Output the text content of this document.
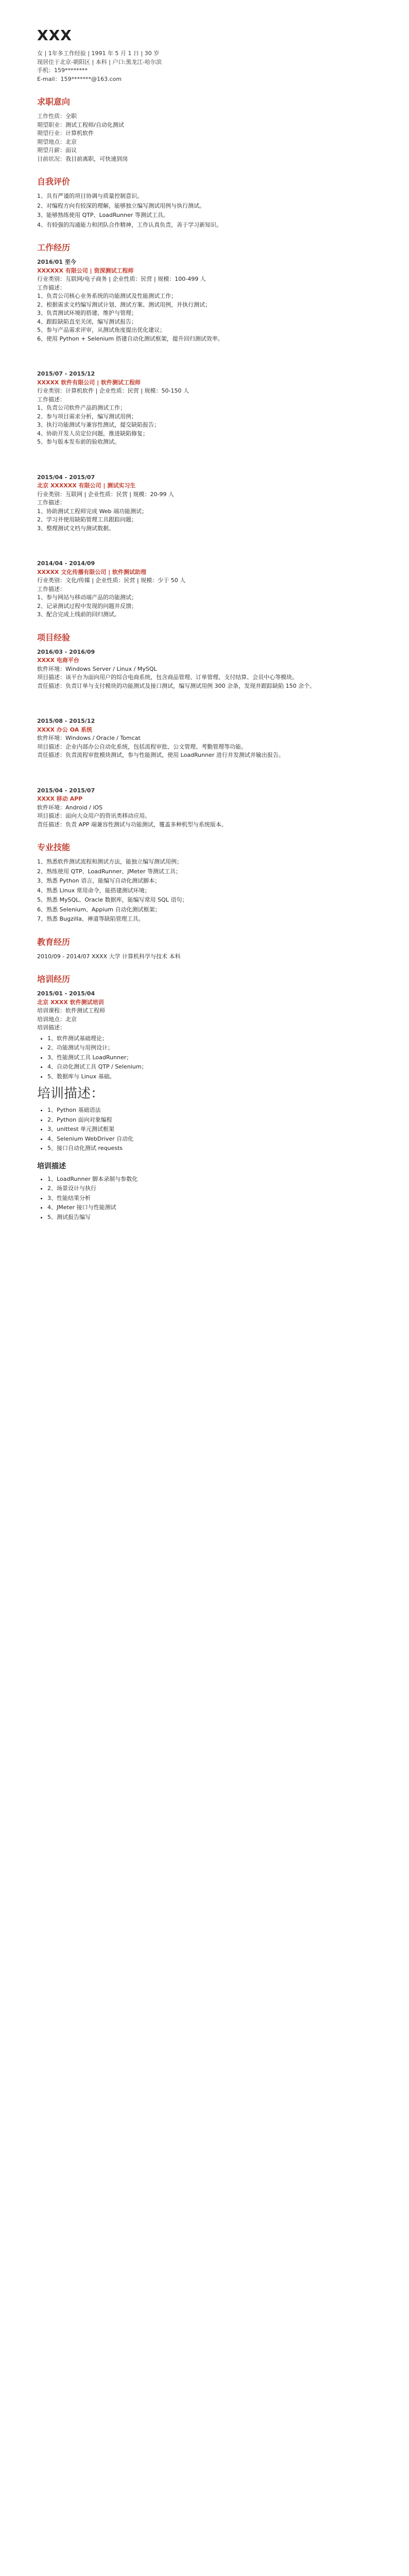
XXX

女 | 1年多工作经验 | 1991 年 5 月 1 日 | 30 岁

现居住于北京-朝阳区 | 本科 | 户口:黑龙江-哈尔滨

手机：159********

E-mail：159*******@163.com

求职意向

工作性质：全职

期望职业：测试工程师/自动化测试

期望行业：计算机软件

期望地点：北京

期望月薪：面议

目前状况：我目前离职，可快速到岗

自我评价

1、具有严谨的项目协调与质量控制意识。

2、对编程方向有较深的理解，能够独立编写测试用例与执行测试。

3、能够熟练使用 QTP、LoadRunner 等测试工具。

4、有较强的沟通能力和团队合作精神，工作认真负责，善于学习新知识。

工作经历
2016/01 至今
XXXXXX 有限公司 | 资深测试工程师

行业类别：互联网/电子商务 | 企业性质：民营 | 规模：100-499 人

工作描述：

1、负责公司核心业务系统的功能测试及性能测试工作；

2、根据需求文档编写测试计划、测试方案、测试用例，并执行测试；

3、负责测试环境的搭建、维护与管理；

4、跟踪缺陷直至关闭，编写测试报告；

5、参与产品需求评审，从测试角度提出优化建议；

6、使用 Python + Selenium 搭建自动化测试框架，提升回归测试效率。

2015/07 - 2015/12
XXXXX 软件有限公司 | 软件测试工程师

行业类别：计算机软件 | 企业性质：民营 | 规模：50-150 人

工作描述：

1、负责公司软件产品的测试工作；

2、参与项目需求分析，编写测试用例；

3、执行功能测试与兼容性测试，提交缺陷报告；

4、协助开发人员定位问题，推进缺陷修复；

5、参与版本发布前的验收测试。

2015/04 - 2015/07
北京 XXXXXX 有限公司 | 测试实习生

行业类别：互联网 | 企业性质：民营 | 规模：20-99 人

工作描述：

1、协助测试工程师完成 Web 端功能测试；

2、学习并使用缺陷管理工具跟踪问题；

3、整理测试文档与测试数据。

2014/04 - 2014/09
XXXXX 文化传播有限公司 | 软件测试助理

行业类别：文化/传媒 | 企业性质：民营 | 规模：少于 50 人

工作描述：

1、参与网站与移动端产品的功能测试；

2、记录测试过程中发现的问题并反馈；

3、配合完成上线前的回归测试。

项目经验
2016/03 - 2016/09
XXXX 电商平台

软件环境：Windows Server / Linux / MySQL

项目描述：该平台为面向用户的综合电商系统，包含商品管理、订单管理、支付结算、会员中心等模块。

责任描述：负责订单与支付模块的功能测试及接口测试，编写测试用例 300 余条，发现并跟踪缺陷 150 余个。

2015/08 - 2015/12
XXXX 办公 OA 系统

软件环境：Windows / Oracle / Tomcat

项目描述：企业内部办公自动化系统，包括流程审批、公文管理、考勤管理等功能。

责任描述：负责流程审批模块测试，参与性能测试，使用 LoadRunner 进行并发测试并输出报告。

2015/04 - 2015/07
XXXX 移动 APP

软件环境：Android / iOS

项目描述：面向大众用户的资讯类移动应用。

责任描述：负责 APP 端兼容性测试与功能测试，覆盖多种机型与系统版本。

专业技能

1、熟悉软件测试流程和测试方法，能独立编写测试用例；

2、熟练使用 QTP、LoadRunner、JMeter 等测试工具；

3、熟悉 Python 语言，能编写自动化测试脚本；

4、熟悉 Linux 常用命令，能搭建测试环境；

5、熟悉 MySQL、Oracle 数据库，能编写常用 SQL 语句；

6、熟悉 Selenium、Appium 自动化测试框架；

7、熟悉 Bugzilla、禅道等缺陷管理工具。

教育经历

2010/09 - 2014/07 XXXX 大学 计算机科学与技术 本科

培训经历
2015/01 - 2015/04
北京 XXXX 软件测试培训

培训课程：软件测试工程师

培训地点：北京

培训描述：

• 1、软件测试基础理论；
• 2、功能测试与用例设计；
• 3、性能测试工具 LoadRunner；
• 4、自动化测试工具 QTP / Selenium；
• 5、数据库与 Linux 基础。
培训描述：
• 1、Python 基础语法
• 2、Python 面向对象编程
• 3、unittest 单元测试框架
• 4、Selenium WebDriver 自动化
• 5、接口自动化测试 requests
培训描述
• 1、LoadRunner 脚本录制与参数化
• 2、场景设计与执行
• 3、性能结果分析
• 4、JMeter 接口与性能测试
• 5、测试报告编写
